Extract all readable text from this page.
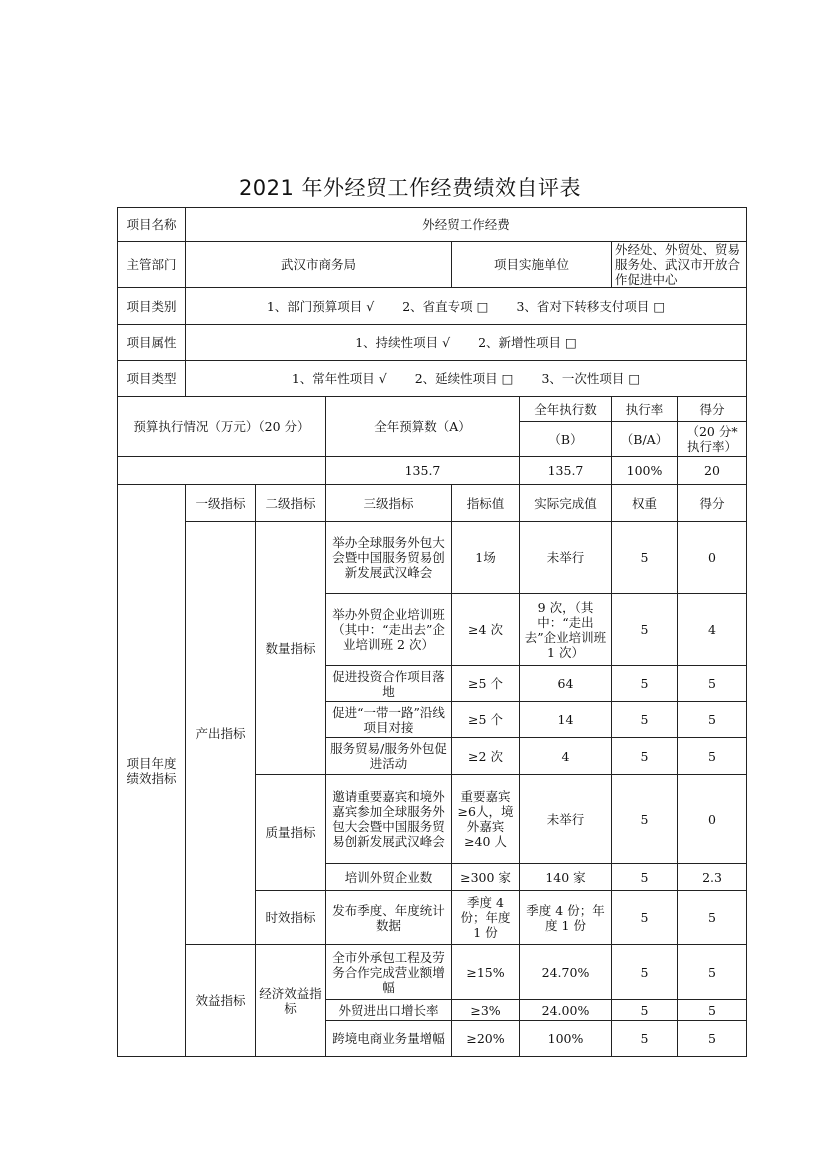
2021 年外经贸工作经费绩效自评表
项目名称	外经贸工作经费						
主管部门	武汉市商务局			项目实施单位		外经处、外贸处、贸易服务处、武汉市开放合作促进中心	
项目类别	1、部门预算项目 √ 2、省直专项 □ 3、省对下转移支付项目 □						
项目属性	1、持续性项目 √ 2、新增性项目 □						
项目类型	1、常年性项目 √ 2、延续性项目 □ 3、一次性项目 □						
预算执行情况（万元）（20 分）			全年预算数（A）		全年执行数	执行率	得分
					（B）	（B/A）	（20 分*执行率）
			135.7		135.7	100%	20
项目年度绩效指标	一级指标	二级指标	三级指标	指标值	实际完成值	权重	得分
	产出指标	数量指标	举办全球服务外包大会暨中国服务贸易创新发展武汉峰会	1场	未举行	5	0
			举办外贸企业培训班（其中：“走出去”企业培训班 2 次）	≥4 次	9 次，（其中：“走出去”企业培训班 1 次）	5	4
			促进投资合作项目落地	≥5 个	64	5	5
			促进“一带一路”沿线项目对接	≥5 个	14	5	5
			服务贸易/服务外包促进活动	≥2 次	4	5	5
		质量指标	邀请重要嘉宾和境外嘉宾参加全球服务外包大会暨中国服务贸易创新发展武汉峰会	重要嘉宾≥6人，境外嘉宾≥40 人	未举行	5	0
			培训外贸企业数	≥300 家	140 家	5	2.3
		时效指标	发布季度、年度统计数据	季度 4份；年度 1 份	季度 4 份；年度 1 份	5	5
	效益指标	经济效益指标	全市外承包工程及劳务合作完成营业额增幅	≥15%	24.70%	5	5
			外贸进出口增长率	≥3%	24.00%	5	5
			跨境电商业务量增幅	≥20%	100%	5	5
